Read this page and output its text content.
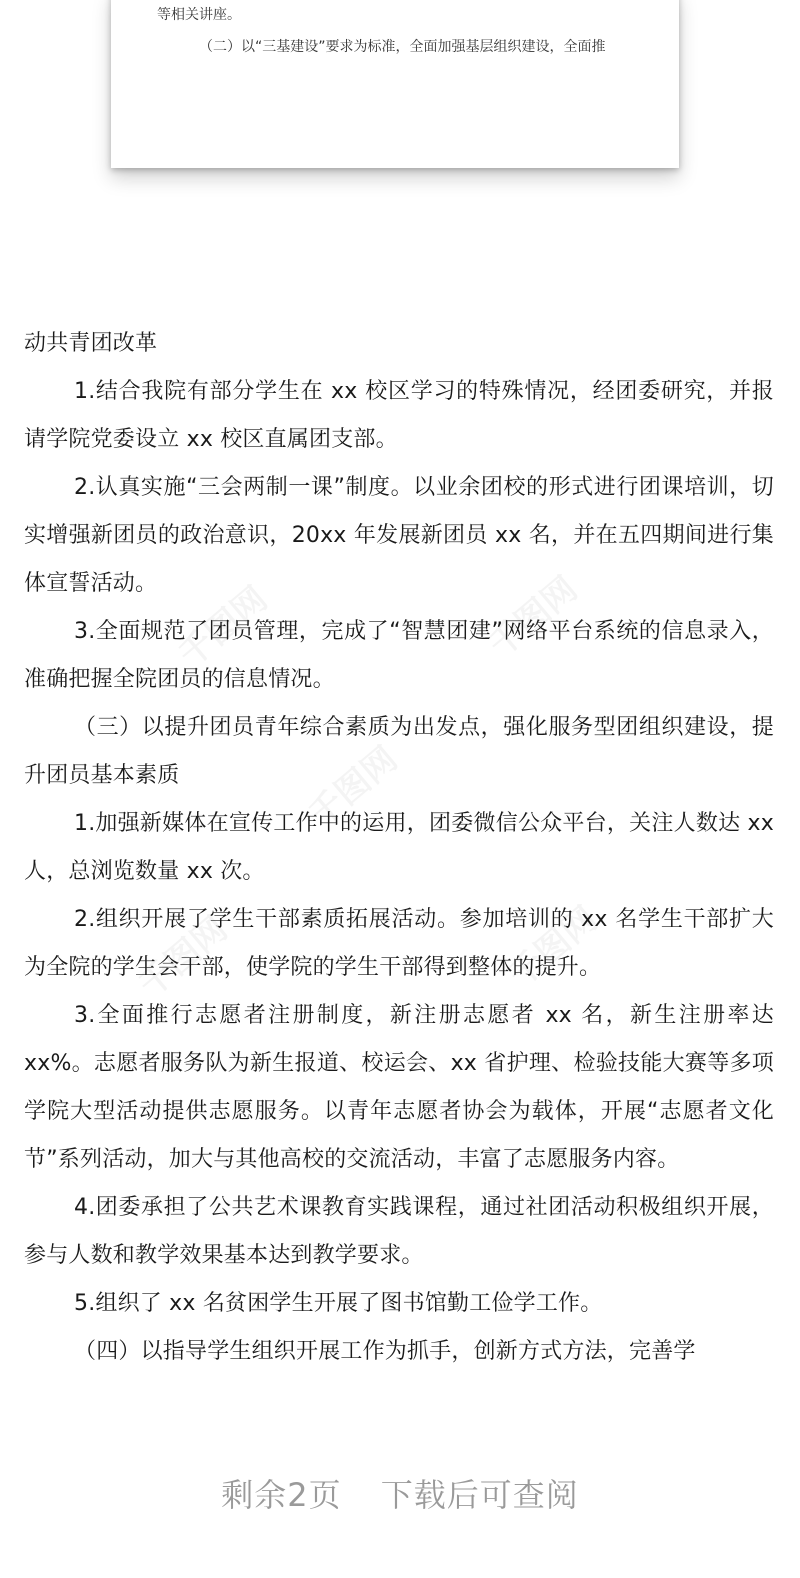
等相关讲座。
（二）以“三基建设”要求为标准，全面加强基层组织建设，全面推

动共青团改革

1.结合我院有部分学生在 xx 校区学习的特殊情况，经团委研究，并报请学院党委设立 xx 校区直属团支部。

2.认真实施“三会两制一课”制度。以业余团校的形式进行团课培训，切实增强新团员的政治意识，20xx 年发展新团员 xx 名，并在五四期间进行集体宣誓活动。

3.全面规范了团员管理，完成了“智慧团建”网络平台系统的信息录入，准确把握全院团员的信息情况。

（三）以提升团员青年综合素质为出发点，强化服务型团组织建设，提升团员基本素质

1.加强新媒体在宣传工作中的运用，团委微信公众平台，关注人数达 xx 人，总浏览数量 xx 次。

2.组织开展了学生干部素质拓展活动。参加培训的 xx 名学生干部扩大为全院的学生会干部，使学院的学生干部得到整体的提升。

3.全面推行志愿者注册制度，新注册志愿者 xx 名，新生注册率达 xx%。志愿者服务队为新生报道、校运会、xx 省护理、检验技能大赛等多项学院大型活动提供志愿服务。以青年志愿者协会为载体，开展“志愿者文化节”系列活动，加大与其他高校的交流活动，丰富了志愿服务内容。

4.团委承担了公共艺术课教育实践课程，通过社团活动积极组织开展，参与人数和教学效果基本达到教学要求。

5.组织了 xx 名贫困学生开展了图书馆勤工俭学工作。

（四）以指导学生组织开展工作为抓手，创新方式方法，完善学

剩余2页 下载后可查阅
